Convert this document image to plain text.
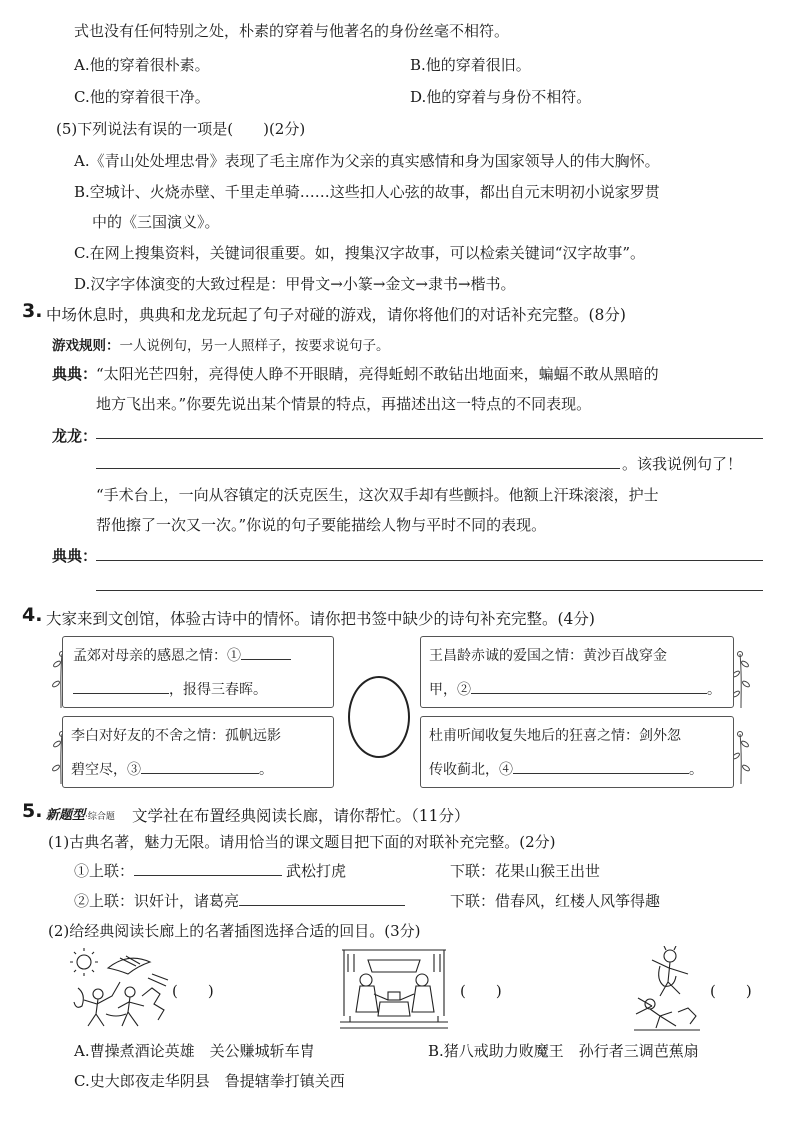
式也没有任何特别之处，朴素的穿着与他著名的身份丝毫不相符。
A.他的穿着很朴素。	B.他的穿着很旧。
C.他的穿着很干净。	D.他的穿着与身份不相符。
(5)下列说法有误的一项是(　　)(2分)
A.《青山处处埋忠骨》表现了毛主席作为父亲的真实感情和身为国家领导人的伟大胸怀。
B.空城计、火烧赤壁、千里走单骑……这些扣人心弦的故事，都出自元末明初小说家罗贯
中的《三国演义》。
C.在网上搜集资料，关键词很重要。如，搜集汉字故事，可以检索关键词“汉字故事”。
D.汉字字体演变的大致过程是：甲骨文→小篆→金文→隶书→楷书。
3. 中场休息时，典典和龙龙玩起了句子对碰的游戏，请你将他们的对话补充完整。(8分)
游戏规则：一人说例句，另一人照样子，按要求说句子。
典典：
“太阳光芒四射，亮得使人睁不开眼睛，亮得蚯蚓不敢钻出地面来，蝙蝠不敢从黑暗的
地方飞出来。”你要先说出某个情景的特点，再描述出这一特点的不同表现。
龙龙：
。该我说例句了！
“手术台上，一向从容镇定的沃克医生，这次双手却有些颤抖。他额上汗珠滚滚，护士
帮他擦了一次又一次。”你说的句子要能描绘人物与平时不同的表现。
典典：
4. 大家来到文创馆，体验古诗中的情怀。请你把书签中缺少的诗句补充完整。(4分)
孟郊对母亲的感恩之情：①
，报得三春晖。
王昌龄赤诚的爱国之情：黄沙百战穿金
甲，②	。
李白对好友的不舍之情：孤帆远影
碧空尽，③	。
杜甫听闻收复失地后的狂喜之情：剑外忽
传收蓟北，④	。
5. 新题型·综合题 文学社在布置经典阅读长廊，请你帮忙。（11分）
(1)古典名著，魅力无限。请用恰当的课文题目把下面的对联补充完整。(2分)
①上联：	武松打虎	下联：花果山猴王出世
②上联：识奸计，诸葛亮	下联：借春风，红楼人风筝得趣
(2)给经典阅读长廊上的名著插图选择合适的回目。(3分)
(　　)	(　　)	(　　)
A.曹操煮酒论英雄　关公赚城斩车胄	B.猪八戒助力败魔王　孙行者三调芭蕉扇
C.史大郎夜走华阴县　鲁提辖拳打镇关西
